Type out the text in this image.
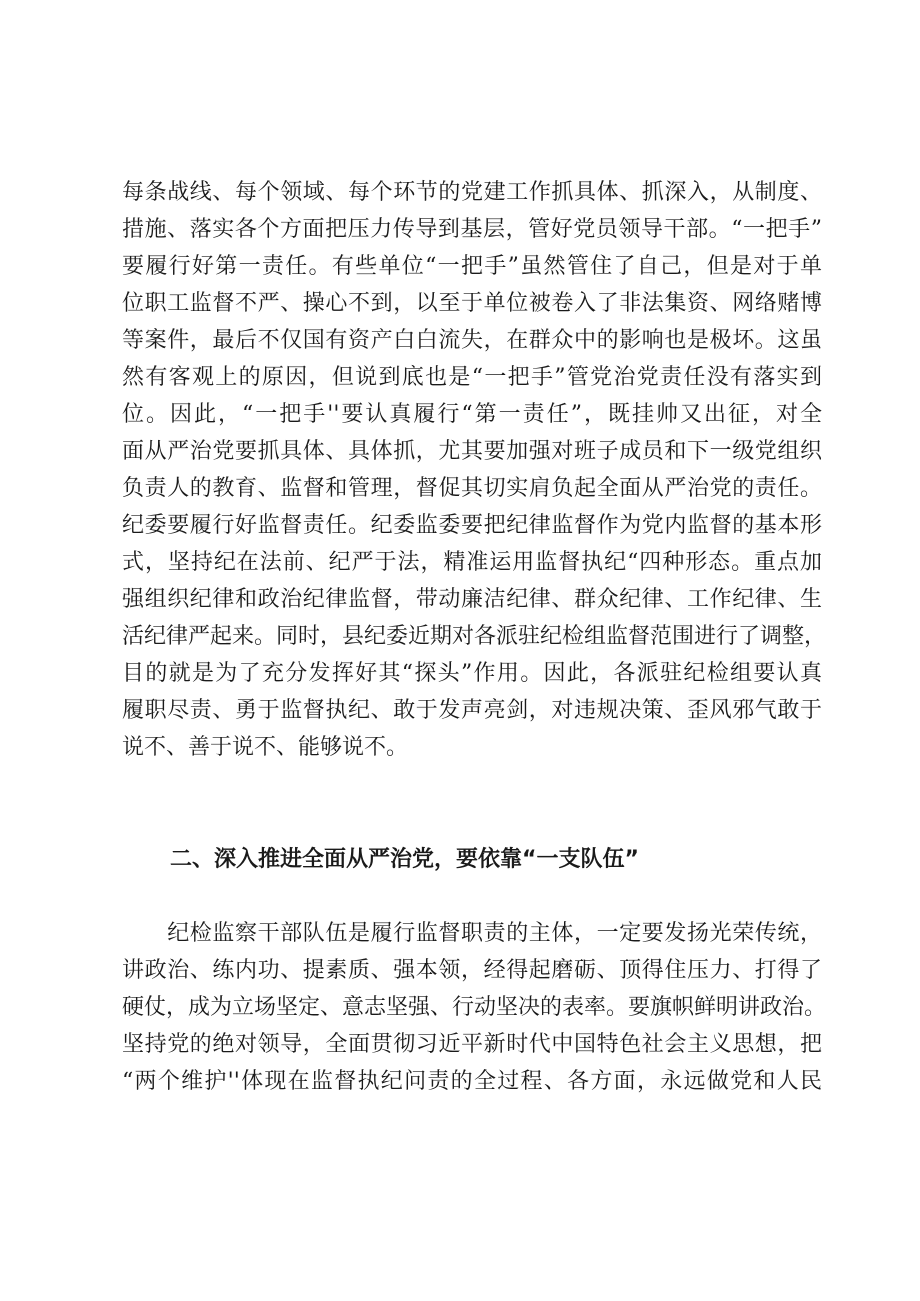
每条战线、每个领域、每个环节的党建工作抓具体、抓深入，从制度、
措施、落实各个方面把压力传导到基层，管好党员领导干部。“一把手”
要履行好第一责任。有些单位“一把手”虽然管住了自己，但是对于单
位职工监督不严、操心不到，以至于单位被卷入了非法集资、网络赌博
等案件，最后不仅国有资产白白流失，在群众中的影响也是极坏。这虽
然有客观上的原因，但说到底也是“一把手”管党治党责任没有落实到
位。因此，“一把手''要认真履行“第一责任”，既挂帅又出征，对全
面从严治党要抓具体、具体抓，尤其要加强对班子成员和下一级党组织
负责人的教育、监督和管理，督促其切实肩负起全面从严治党的责任。
纪委要履行好监督责任。纪委监委要把纪律监督作为党内监督的基本形
式，坚持纪在法前、纪严于法，精准运用监督执纪“四种形态。重点加
强组织纪律和政治纪律监督，带动廉洁纪律、群众纪律、工作纪律、生
活纪律严起来。同时，县纪委近期对各派驻纪检组监督范围进行了调整，
目的就是为了充分发挥好其“探头”作用。因此，各派驻纪检组要认真
履职尽责、勇于监督执纪、敢于发声亮剑，对违规决策、歪风邪气敢于
说不、善于说不、能够说不。
二、深入推进全面从严治党，要依靠“一支队伍”
　　纪检监察干部队伍是履行监督职责的主体，一定要发扬光荣传统，
讲政治、练内功、提素质、强本领，经得起磨砺、顶得住压力、打得了
硬仗，成为立场坚定、意志坚强、行动坚决的表率。要旗帜鲜明讲政治。
坚持党的绝对领导，全面贯彻习近平新时代中国特色社会主义思想，把
“两个维护''体现在监督执纪问责的全过程、各方面，永远做党和人民
